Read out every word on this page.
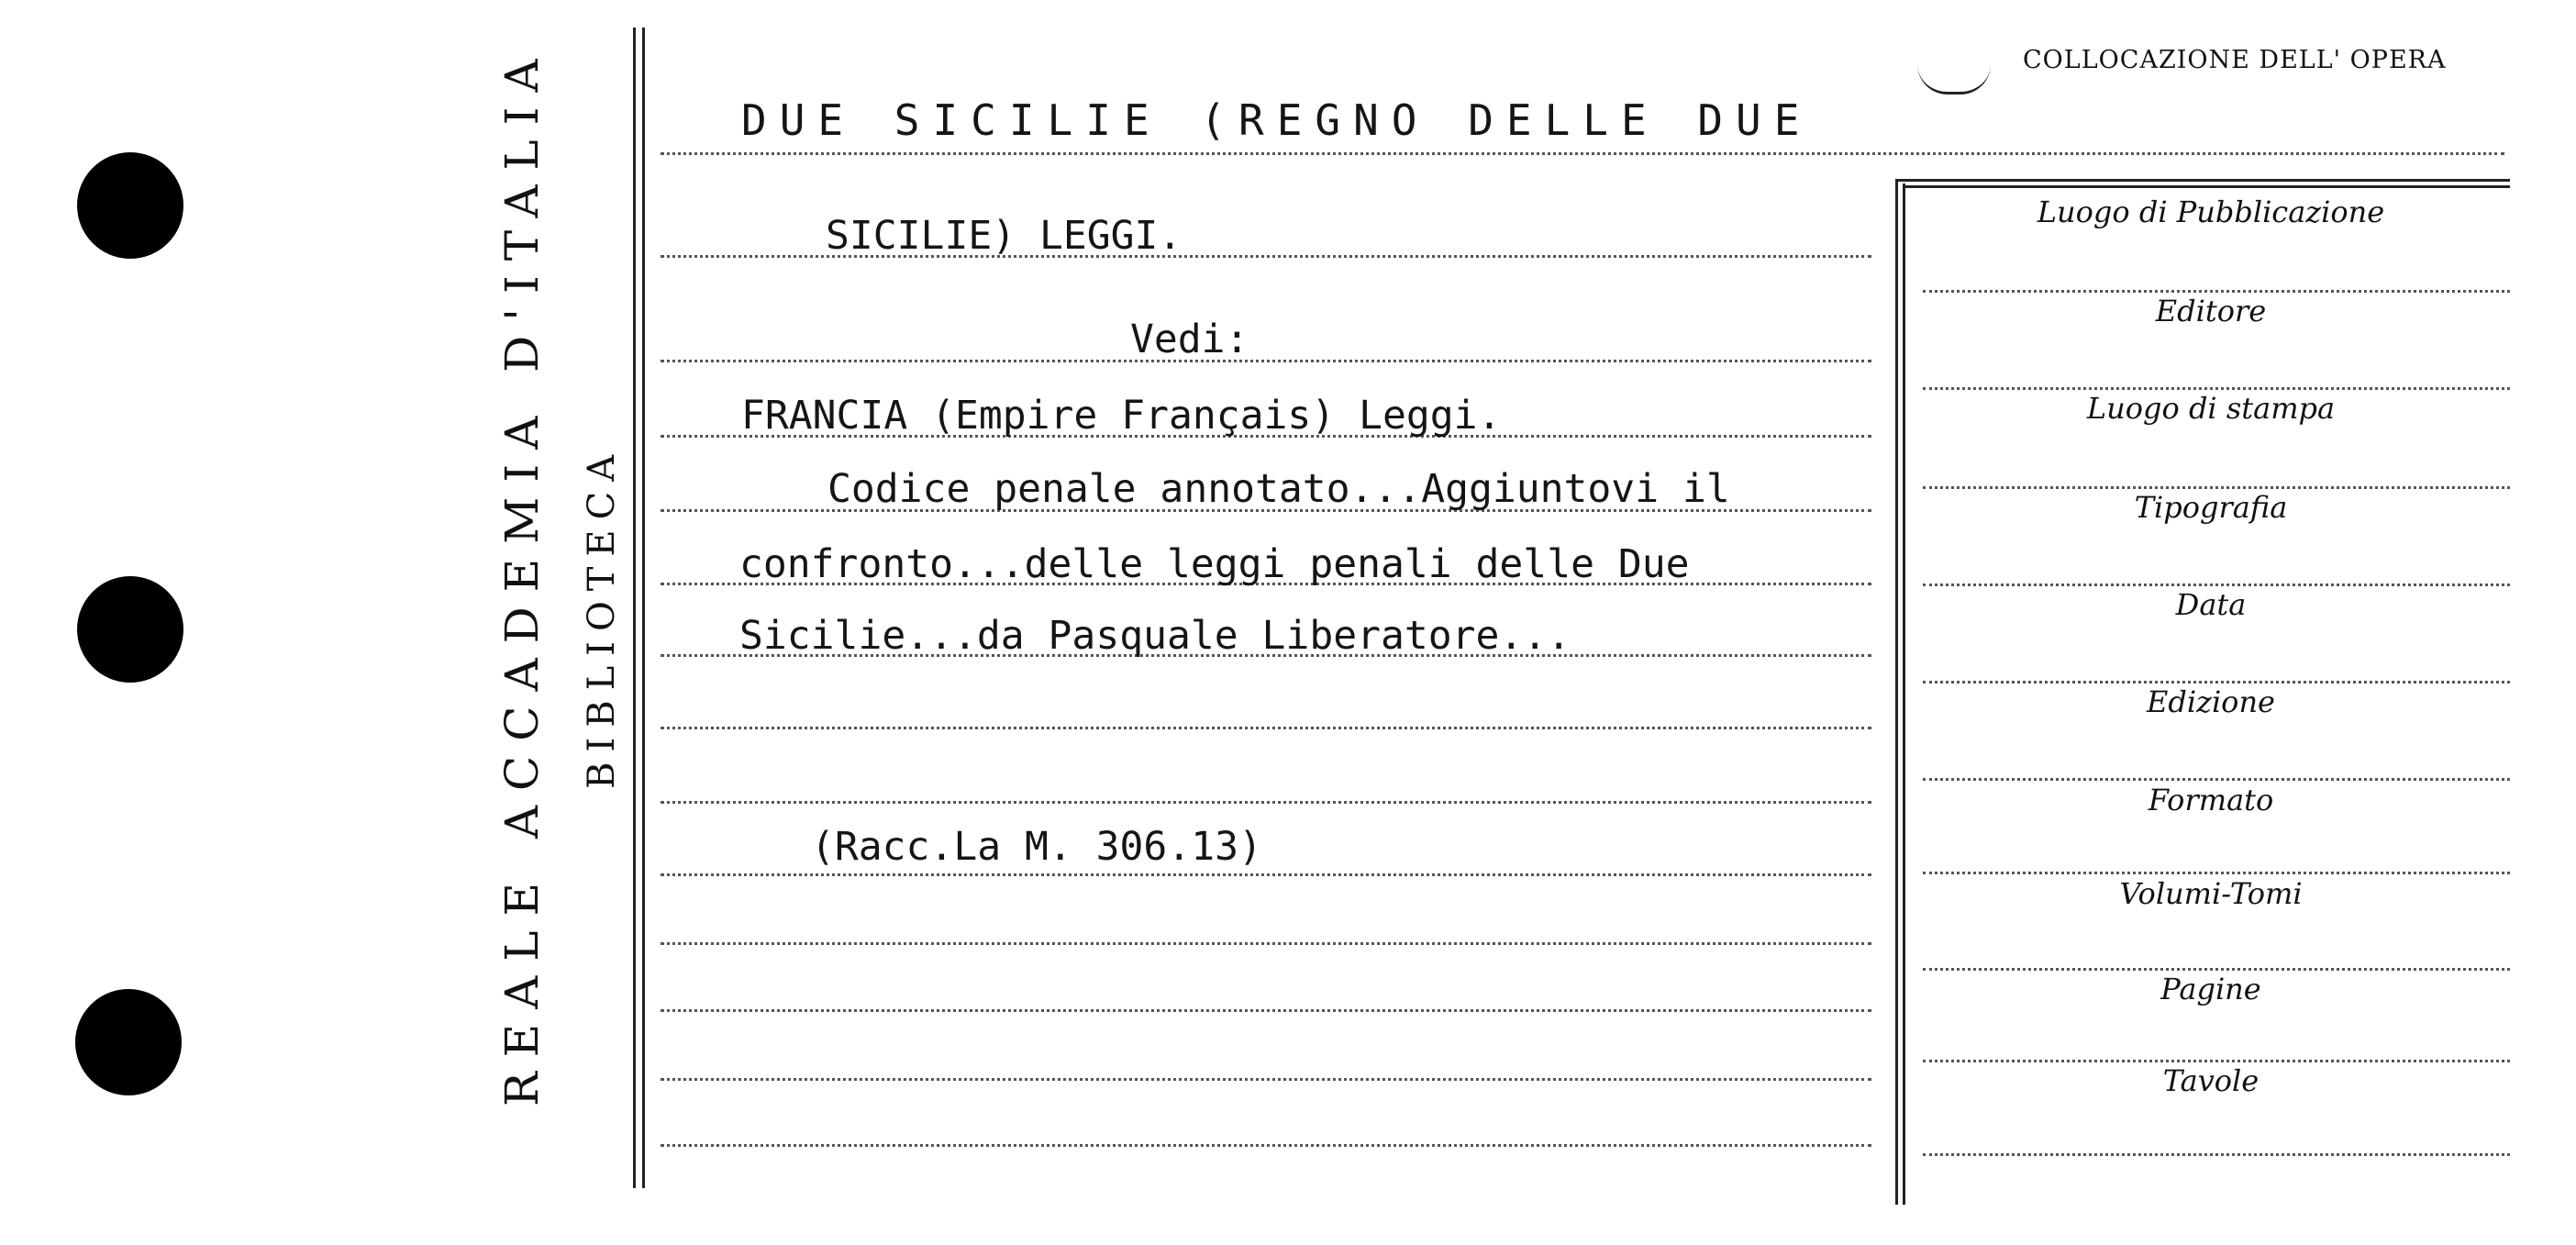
REALE ACCADEMIA D'ITALIA BIBLIOTECA
COLLOCAZIONE DELL' OPERA
DUE SICILIE (REGNO DELLE DUE
SICILIE) LEGGI.
Vedi:
FRANCIA (Empire Français) Leggi.
Codice penale annotato...Aggiuntovi il
confronto...delle leggi penali delle Due
Sicilie...da Pasquale Liberatore...
(Racc.La M. 306.13)
Luogo di Pubblicazione
Editore
Luogo di stampa
Tipografia
Data
Edizione
Formato
Volumi-Tomi
Pagine
Tavole
